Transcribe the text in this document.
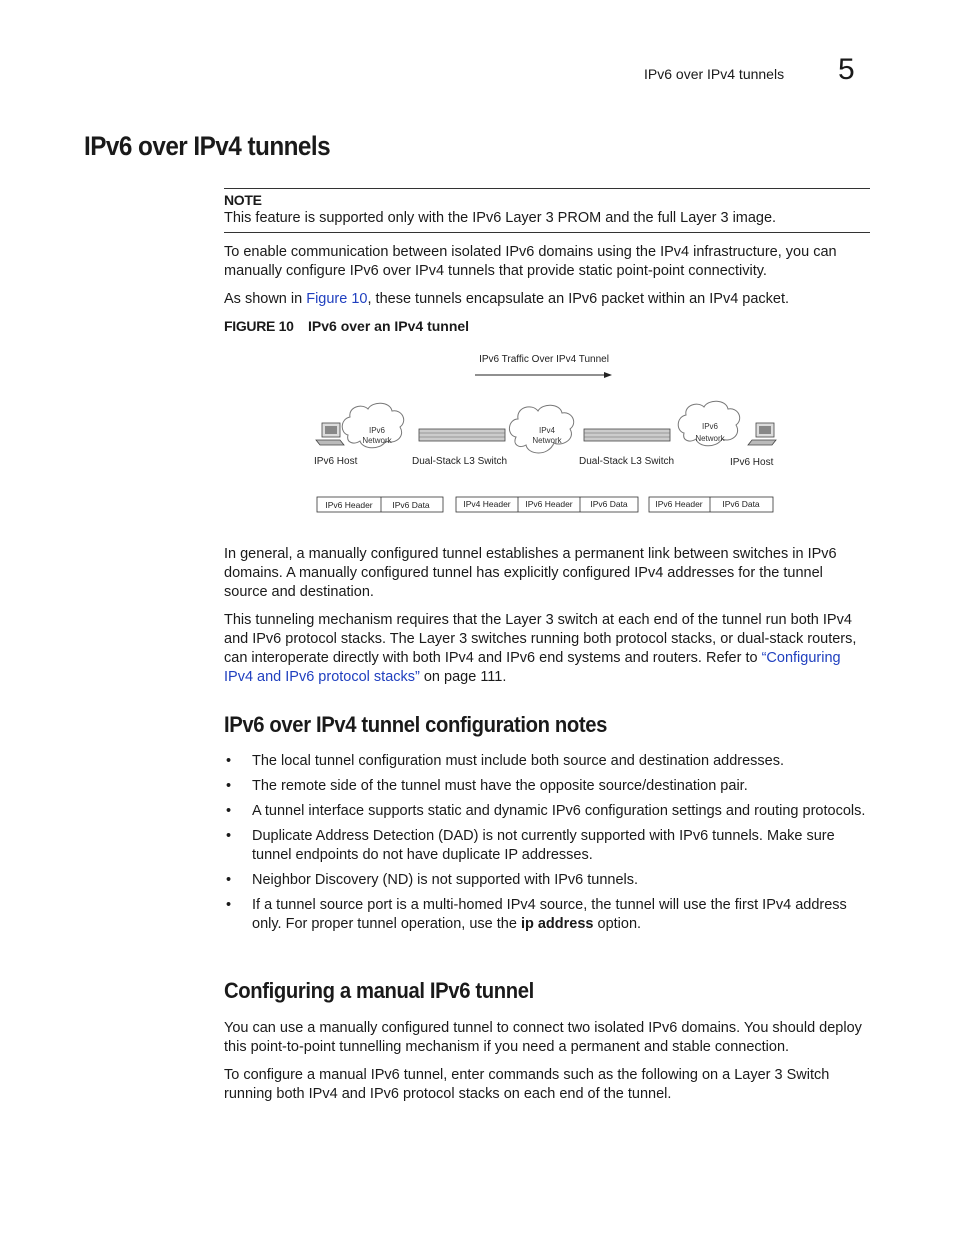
IPv6 over IPv4 tunnels 5
IPv6 over IPv4 tunnels
NOTE

This feature is supported only with the IPv6 Layer 3 PROM and the full Layer 3 image.

To enable communication between isolated IPv6 domains using the IPv4 infrastructure, you can manually configure IPv6 over IPv4 tunnels that provide static point-point connectivity.

As shown in Figure 10, these tunnels encapsulate an IPv6 packet within an IPv4 packet.

FIGURE 10 IPv6 over an IPv4 tunnel
IPv6 Traffic Over IPv4 Tunnel
IPv6 Host
IPv6
Network
Dual-Stack L3 Switch
IPv4
Network
Dual-Stack L3 Switch
IPv6
Network
IPv6 Host
IPv6 Header IPv6 Data	IPv4 Header IPv6 Header IPv6 Data	IPv6 Header IPv6 Data

In general, a manually configured tunnel establishes a permanent link between switches in IPv6 domains. A manually configured tunnel has explicitly configured IPv4 addresses for the tunnel source and destination.

This tunneling mechanism requires that the Layer 3 switch at each end of the tunnel run both IPv4 and IPv6 protocol stacks. The Layer 3 switches running both protocol stacks, or dual-stack routers, can interoperate directly with both IPv4 and IPv6 end systems and routers. Refer to “Configuring IPv4 and IPv6 protocol stacks” on page 111.

IPv6 over IPv4 tunnel configuration notes
• The local tunnel configuration must include both source and destination addresses.
• The remote side of the tunnel must have the opposite source/destination pair.
• A tunnel interface supports static and dynamic IPv6 configuration settings and routing protocols.
• Duplicate Address Detection (DAD) is not currently supported with IPv6 tunnels. Make sure tunnel endpoints do not have duplicate IP addresses.
• Neighbor Discovery (ND) is not supported with IPv6 tunnels.
• If a tunnel source port is a multi-homed IPv4 source, the tunnel will use the first IPv4 address only. For proper tunnel operation, use the ip address option.
Configuring a manual IPv6 tunnel

You can use a manually configured tunnel to connect two isolated IPv6 domains. You should deploy this point-to-point tunnelling mechanism if you need a permanent and stable connection.

To configure a manual IPv6 tunnel, enter commands such as the following on a Layer 3 Switch running both IPv4 and IPv6 protocol stacks on each end of the tunnel.
